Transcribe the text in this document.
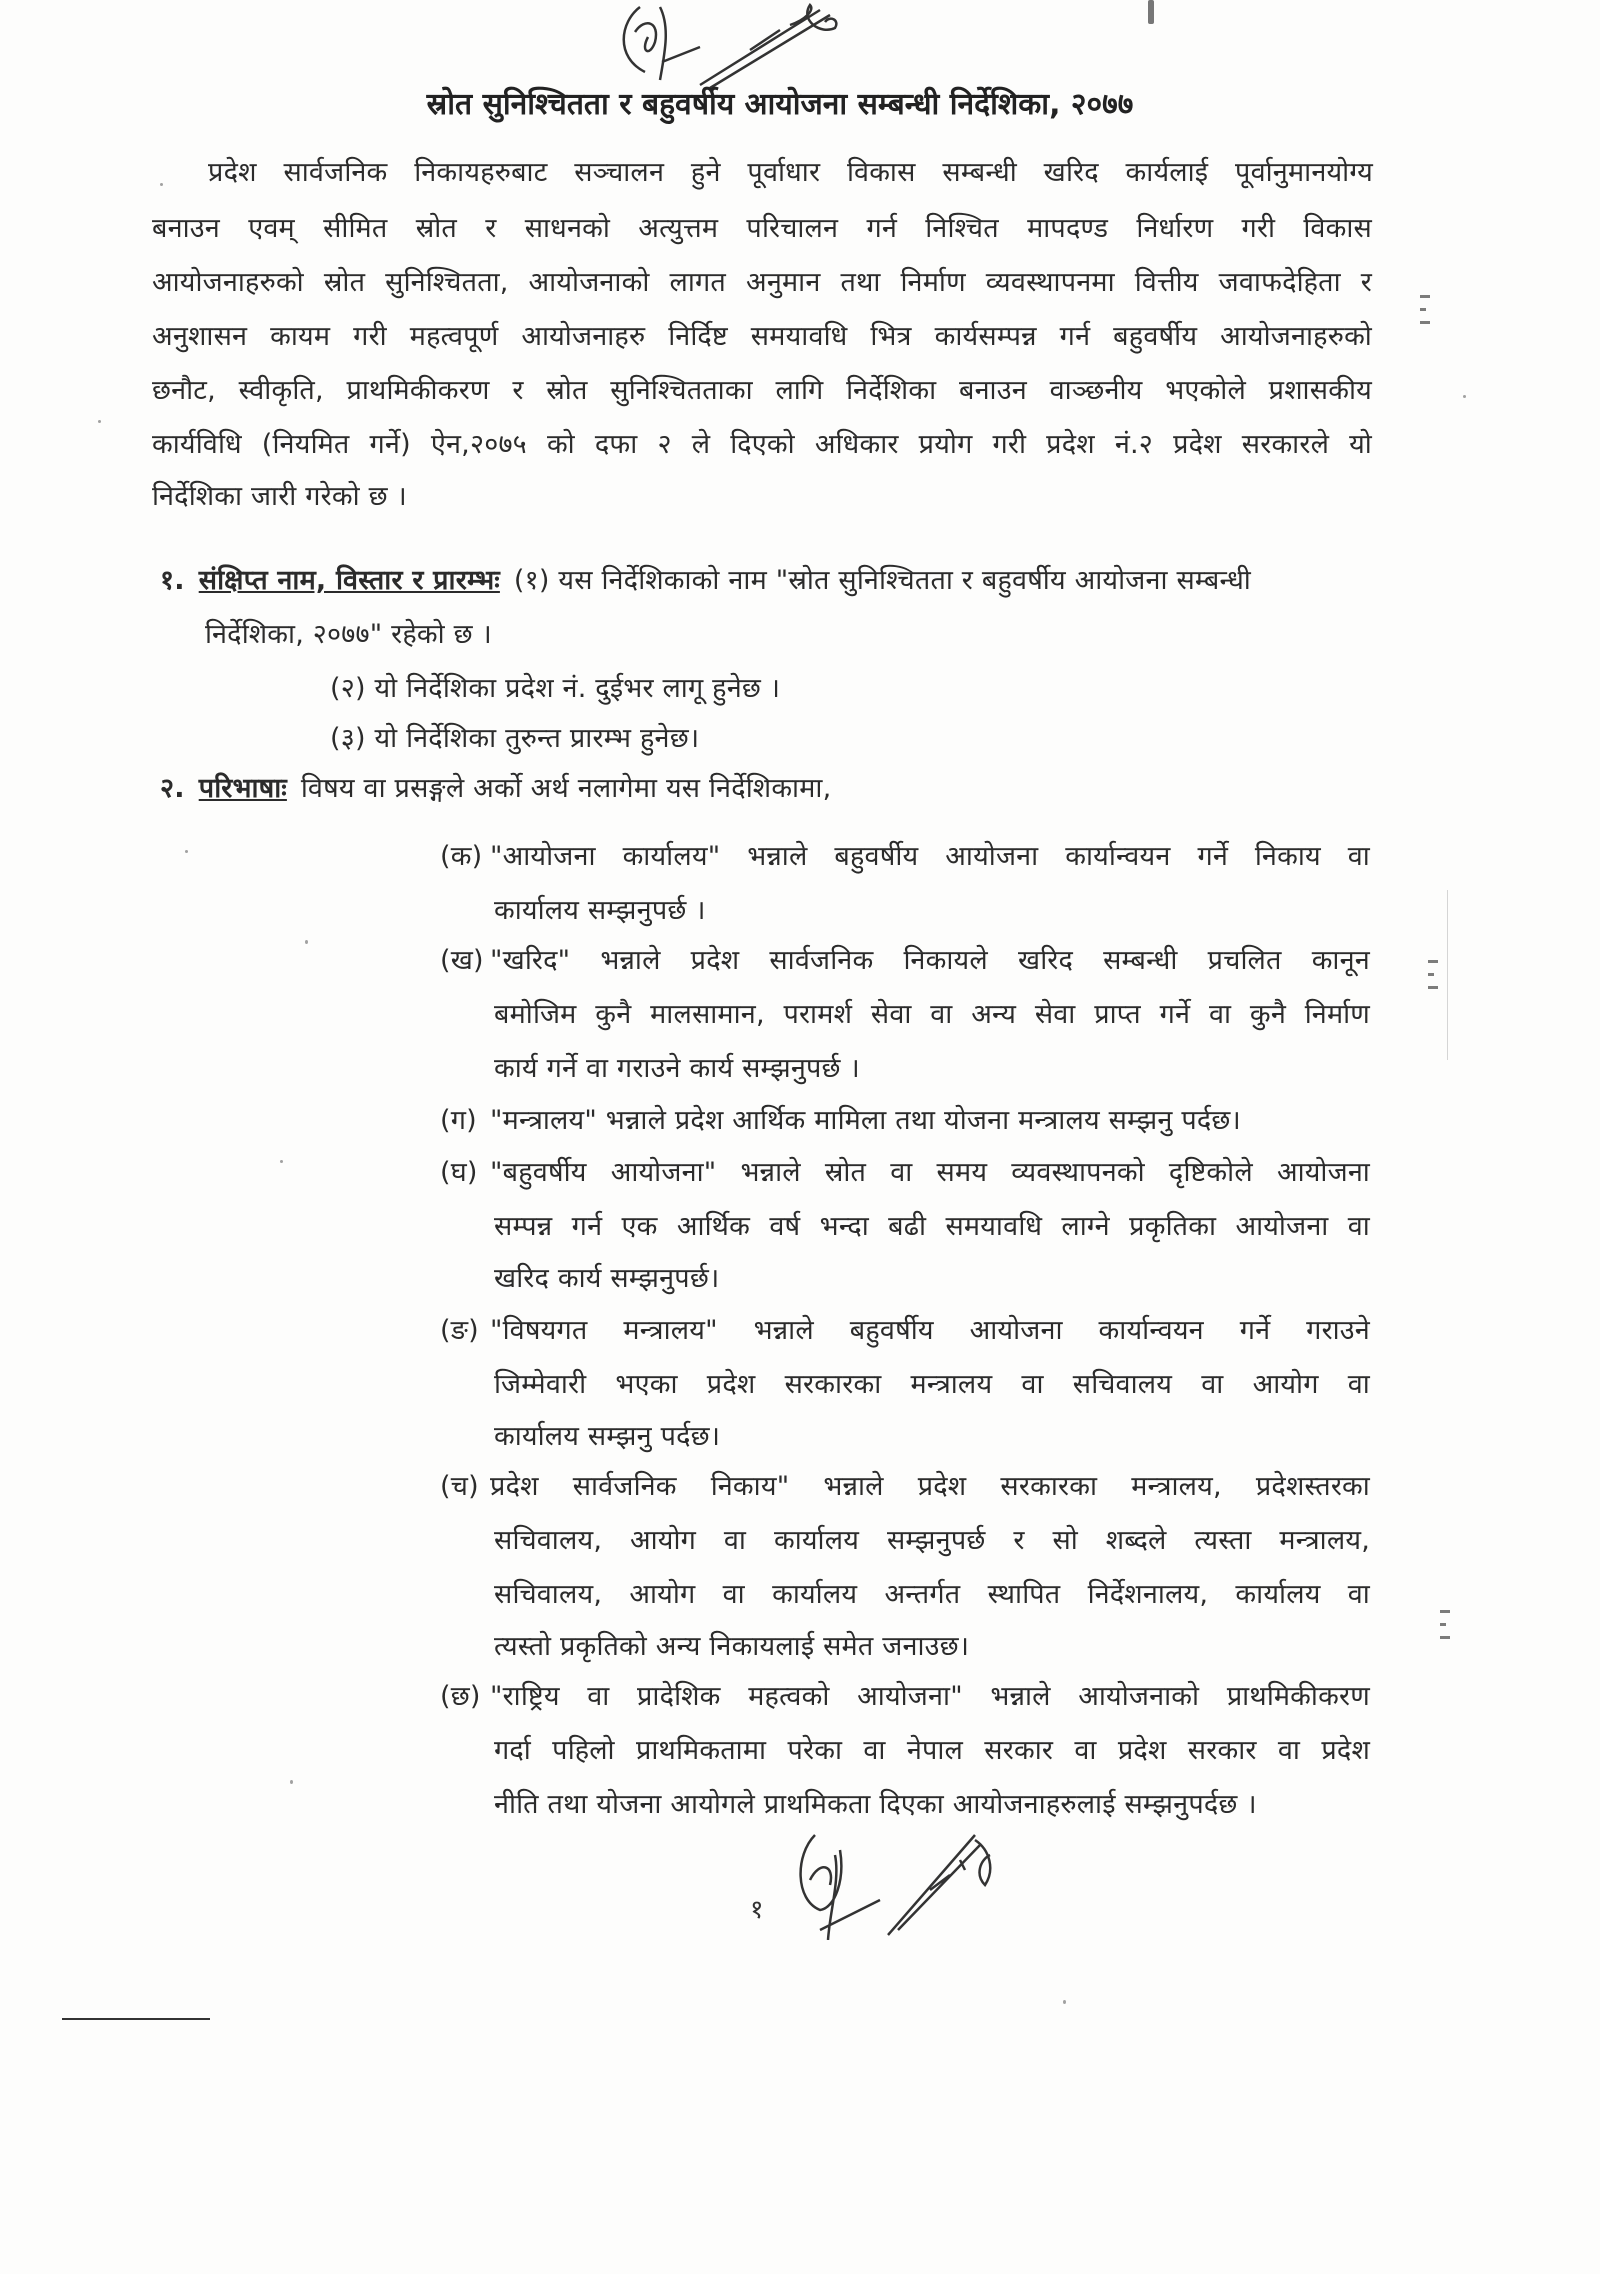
स्रोत सुनिश्चितता र बहुवर्षीय आयोजना सम्बन्धी निर्देशिका, २०७७
प्रदेश सार्वजनिक निकायहरुबाट सञ्चालन हुने पूर्वाधार विकास सम्बन्धी खरिद कार्यलाई पूर्वानुमानयोग्य
बनाउन एवम् सीमित स्रोत र साधनको अत्युत्तम परिचालन गर्न निश्चित मापदण्ड निर्धारण गरी विकास
आयोजनाहरुको स्रोत सुनिश्चितता, आयोजनाको लागत अनुमान तथा निर्माण व्यवस्थापनमा वित्तीय जवाफदेहिता र
अनुशासन कायम गरी महत्वपूर्ण आयोजनाहरु निर्दिष्ट समयावधि भित्र कार्यसम्पन्न गर्न बहुवर्षीय आयोजनाहरुको
छनौट, स्वीकृति, प्राथमिकीकरण र स्रोत सुनिश्चितताका लागि निर्देशिका बनाउन वाञ्छनीय भएकोले प्रशासकीय
कार्यविधि (नियमित गर्ने) ऐन,२०७५ को दफा २ ले दिएको अधिकार प्रयोग गरी प्रदेश नं.२ प्रदेश सरकारले यो
निर्देशिका जारी गरेको छ ।
१. संक्षिप्त नाम, विस्तार र प्रारम्भः (१) यस निर्देशिकाको नाम "स्रोत सुनिश्चितता र बहुवर्षीय आयोजना सम्बन्धी
निर्देशिका, २०७७" रहेको छ ।
(२) यो निर्देशिका प्रदेश नं. दुईभर लागू हुनेछ ।
(३) यो निर्देशिका तुरुन्त प्रारम्भ हुनेछ।
२. परिभाषाः विषय वा प्रसङ्गले अर्को अर्थ नलागेमा यस निर्देशिकामा,
(क) "आयोजना कार्यालय" भन्नाले बहुवर्षीय आयोजना कार्यान्वयन गर्ने निकाय वा
कार्यालय सम्झनुपर्छ ।
(ख) "खरिद" भन्नाले प्रदेश सार्वजनिक निकायले खरिद सम्बन्धी प्रचलित कानून
बमोजिम कुनै मालसामान, परामर्श सेवा वा अन्य सेवा प्राप्त गर्ने वा कुनै निर्माण
कार्य गर्ने वा गराउने कार्य सम्झनुपर्छ ।
(ग) "मन्त्रालय" भन्नाले प्रदेश आर्थिक मामिला तथा योजना मन्त्रालय सम्झनु पर्दछ।
(घ) "बहुवर्षीय आयोजना" भन्नाले स्रोत वा समय व्यवस्थापनको दृष्टिकोले आयोजना
सम्पन्न गर्न एक आर्थिक वर्ष भन्दा बढी समयावधि लाग्ने प्रकृतिका आयोजना वा
खरिद कार्य सम्झनुपर्छ।
(ङ) "विषयगत मन्त्रालय" भन्नाले बहुवर्षीय आयोजना कार्यान्वयन गर्ने गराउने
जिम्मेवारी भएका प्रदेश सरकारका मन्त्रालय वा सचिवालय वा आयोग वा
कार्यालय सम्झनु पर्दछ।
(च) प्रदेश सार्वजनिक निकाय" भन्नाले प्रदेश सरकारका मन्त्रालय, प्रदेशस्तरका
सचिवालय, आयोग वा कार्यालय सम्झनुपर्छ र सो शब्दले त्यस्ता मन्त्रालय,
सचिवालय, आयोग वा कार्यालय अन्तर्गत स्थापित निर्देशनालय, कार्यालय वा
त्यस्तो प्रकृतिको अन्य निकायलाई समेत जनाउछ।
(छ) "राष्ट्रिय वा प्रादेशिक महत्वको आयोजना" भन्नाले आयोजनाको प्राथमिकीकरण
गर्दा पहिलो प्राथमिकतामा परेका वा नेपाल सरकार वा प्रदेश सरकार वा प्रदेश
नीति तथा योजना आयोगले प्राथमिकता दिएका आयोजनाहरुलाई सम्झनुपर्दछ ।
१
